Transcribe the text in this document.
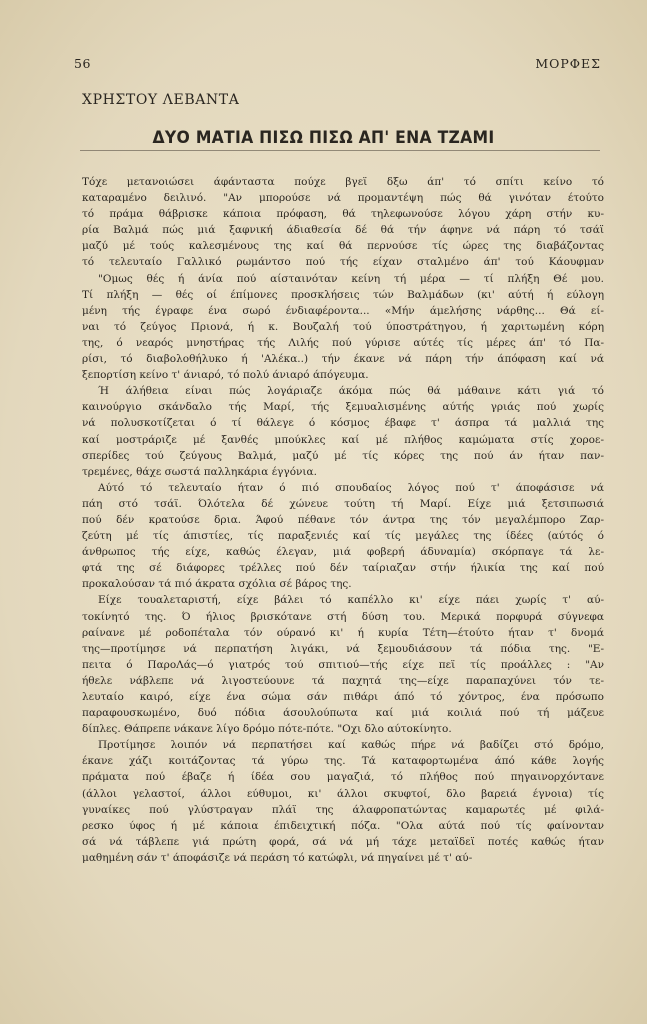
56	ΜΟΡΦΕΣ
ΧΡΗΣΤΟΥ ΛΕΒΑΝΤΑ
ΔΥΟ ΜΑΤΙΑ ΠΙΣΩ ΠΙΣΩ ΑΠ' ΕΝΑ ΤΖΑΜΙ
Τόχε μετανοιώσει άφάνταστα πούχε βγεϊ δξω άπ' τό σπίτι κείνο τό
καταραμένο δειλινό. "Αν μπορούσε νά προμαντέψη πώς θά γινόταν έτούτο
τό πράμα θάβρισκε κάποια πρόφαση, θά τηλεφωνούσε λόγου χάρη στήν κυ-
ρία Βαλμά πώς μιά ξαφνική άδιαθεσία δέ θά τήν άφηνε νά πάρη τό τσάϊ
μαζύ μέ τούς καλεσμένους της καί θά περνούσε τίς ώρες της διαβάζοντας
τό τελευταίο Γαλλικό ρωμάντσο πού τής είχαν σταλμένο άπ' τού Κάουφμαν
"Ομως θές ή άνία πού αίσταινόταν κείνη τή μέρα — τί πλήξη Θέ μου.
Τί πλήξη — θές οί έπίμονες προσκλήσεις τών Βαλμάδων (κι' αύτή ή εύλογη
μένη τής έγραφε ένα σωρό ένδιαφέροντα... «Μήν άμελήσης νάρθης... Θά εί-
ναι τό ζεύγος Πριονά, ή κ. Βουζαλή τού ύποστράτηγου, ή χαριτωμένη κόρη
της, ό νεαρός μνηστήρας τής Λιλής πού γύρισε αύτές τίς μέρες άπ' τό Πα-
ρίσι, τό διαβολοθήλυκο ή 'Αλέκα..) τήν έκανε νά πάρη τήν άπόφαση καί νά
ξεπορτίση κείνο τ' άνιαρό, τό πολύ άνιαρό άπόγευμα.
Ή άλήθεια είναι πώς λογάριαζε άκόμα πώς θά μάθαινε κάτι γιά τό
καινούργιο σκάνδαλο τής Μαρί, τής ξεμυαλισμένης αύτής γριάς πού χωρίς
νά πολυσκοτίζεται ό τί θάλεγε ό κόσμος έβαφε τ' άσπρα τά μαλλιά της
καί μοστράριζε μέ ξανθές μπούκλες καί μέ πλήθος καμώματα στίς χοροε-
σπερίδες τού ζεύγους Βαλμά, μαζύ μέ τίς κόρες της πού άν ήταν παν-
τρεμένες, θάχε σωστά παλληκάρια έγγόνια.
Αύτό τό τελευταίο ήταν ό πιό σπουδαίος λόγος πού τ' άποφάσισε νά
πάη στό τσάϊ. Όλότελα δέ χώνευε τούτη τή Μαρί. Είχε μιά ξετσιπωσιά
πού δέν κρατούσε δρια. Άφού πέθανε τόν άντρα της τόν μεγαλέμπορο Ζαρ-
ζεύτη μέ τίς άπιστίες, τίς παραξενιές καί τίς μεγάλες της ίδέες (αύτός ό
άνθρωπος τής είχε, καθώς έλεγαν, μιά φοβερή άδυναμία) σκόρπαγε τά λε-
φτά της σέ διάφορες τρέλλες πού δέν ταίριαζαν στήν ήλικία της καί πού
προκαλούσαν τά πιό άκρατα σχόλια σέ βάρος της.
Είχε τουαλεταριστή, είχε βάλει τό καπέλλο κι' είχε πάει χωρίς τ' αύ-
τοκίνητό της. Ό ήλιος βρισκότανε στή δύση του. Μερικά πορφυρά σύγνεφα
ραίνανε μέ ροδοπέταλα τόν ούρανό κι' ή κυρία Τέτη—έτούτο ήταν τ' δνομά
της—προτίμησε νά περπατήση λιγάκι, νά ξεμουδιάσουν τά πόδια της. "Ε-
πειτα ό ΠαροΛάς—ό γιατρός τού σπιτιού—τής είχε πεϊ τίς προάλλες : "Αν
ήθελε νάβλεπε νά λιγοστεύουνε τά παχητά της—είχε παραπαχύνει τόν τε-
λευταίο καιρό, είχε ένα σώμα σάν πιθάρι άπό τό χόντρος, ένα πρόσωπο
παραφουσκωμένο, δυό πόδια άσουλούπωτα καί μιά κοιλιά πού τή μάζευε
δίπλες. Θάπρεπε νάκανε λίγο δρόμο πότε-πότε. "Οχι δλο αύτοκίνητο.
Προτίμησε λοιπόν νά περπατήσει καί καθώς πήρε νά βαδίζει στό δρόμο,
έκανε χάζι κοιτάζοντας τά γύρω της. Τά καταφορτωμένα άπό κάθε λογής
πράματα πού έβαζε ή ίδέα σου μαγαζιά, τό πλήθος πού πηγαινορχόντανε
(άλλοι γελαστοί, άλλοι εύθυμοι, κι' άλλοι σκυφτοί, δλο βαρειά έγνοια) τίς
γυναίκες πού γλύστραγαν πλάϊ της άλαφροπατώντας καμαρωτές μέ φιλά-
ρεσκο ύφος ή μέ κάποια έπιδειχτική πόζα. "Ολα αύτά πού τίς φαίνονταν
σά νά τάβλεπε γιά πρώτη φορά, σά νά μή τάχε μεταϊδεϊ ποτές καθώς ήταν
μαθημένη σάν τ' άποφάσιζε νά περάση τό κατώφλι, νά πηγαίνει μέ τ' αύ-
